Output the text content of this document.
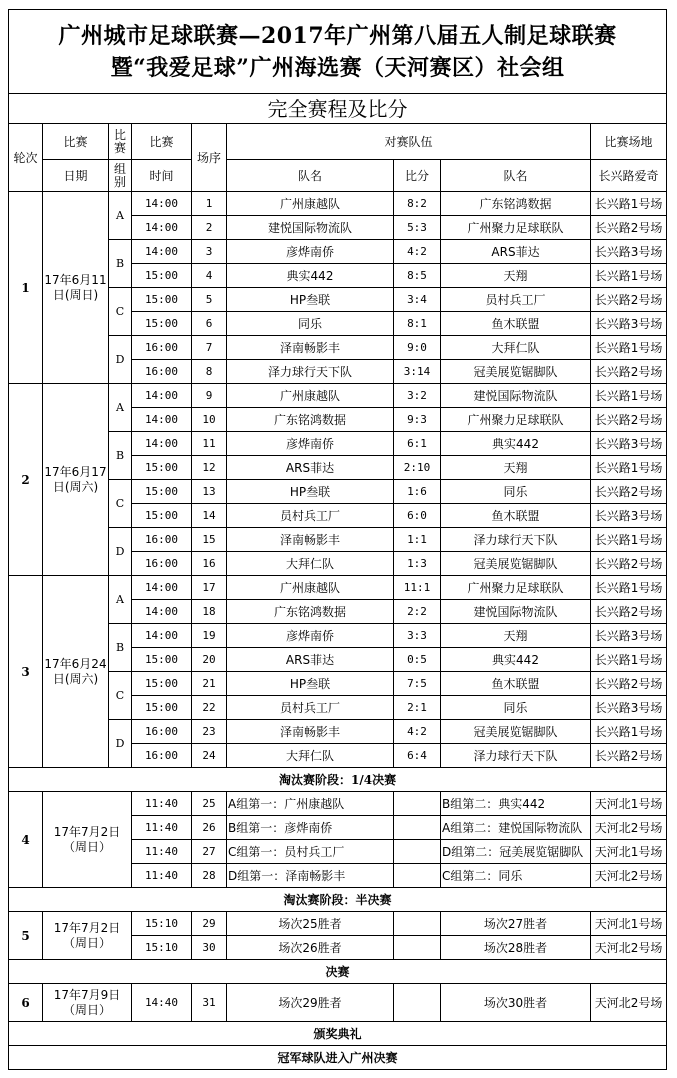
广州城市足球联赛—2017年广州第八届五人制足球联赛
暨“我爱足球”广州海选赛（天河赛区）社会组								

完全赛程及比分								
轮次	比赛	比赛	比赛	场序	对赛队伍			比赛场地
	日期	组别	时间		队名	比分	队名	长兴路爱奇
1	17年6月11日(周日)	A	14:00	1	广州康越队	8:2	广东铭鸿数据	长兴路1号场
			14:00	2	建悦国际物流队	5:3	广州聚力足球联队	长兴路2号场
		B	14:00	3	彦烨南侨	4:2	ARS菲达	长兴路3号场
			15:00	4	典实442	8:5	天翔	长兴路1号场
		C	15:00	5	HP叁联	3:4	员村兵工厂	长兴路2号场
			15:00	6	同乐	8:1	鱼木联盟	长兴路3号场
		D	16:00	7	泽南畅影丰	9:0	大拜仁队	长兴路1号场
			16:00	8	泽力球行天下队	3:14	冠美展览锯脚队	长兴路2号场
2	17年6月17日(周六)	A	14:00	9	广州康越队	3:2	建悦国际物流队	长兴路1号场
			14:00	10	广东铭鸿数据	9:3	广州聚力足球联队	长兴路2号场
		B	14:00	11	彦烨南侨	6:1	典实442	长兴路3号场
			15:00	12	ARS菲达	2:10	天翔	长兴路1号场
		C	15:00	13	HP叁联	1:6	同乐	长兴路2号场
			15:00	14	员村兵工厂	6:0	鱼木联盟	长兴路3号场
		D	16:00	15	泽南畅影丰	1:1	泽力球行天下队	长兴路1号场
			16:00	16	大拜仁队	1:3	冠美展览锯脚队	长兴路2号场
3	17年6月24日(周六)	A	14:00	17	广州康越队	11:1	广州聚力足球联队	长兴路1号场
			14:00	18	广东铭鸿数据	2:2	建悦国际物流队	长兴路2号场
		B	14:00	19	彦烨南侨	3:3	天翔	长兴路3号场
			15:00	20	ARS菲达	0:5	典实442	长兴路1号场
		C	15:00	21	HP叁联	7:5	鱼木联盟	长兴路2号场
			15:00	22	员村兵工厂	2:1	同乐	长兴路3号场
		D	16:00	23	泽南畅影丰	4:2	冠美展览锯脚队	长兴路1号场
			16:00	24	大拜仁队	6:4	泽力球行天下队	长兴路2号场
淘汰赛阶段：1/4决赛								
4	17年7月2日（周日）		11:40	25	A组第一：广州康越队		B组第二：典实442	天河北1号场
			11:40	26	B组第一：彦烨南侨		A组第二：建悦国际物流队	天河北2号场
			11:40	27	C组第一：员村兵工厂		D组第二：冠美展览锯脚队	天河北1号场
			11:40	28	D组第一：泽南畅影丰		C组第二：同乐	天河北2号场
淘汰赛阶段：半决赛								
5	17年7月2日（周日）		15:10	29	场次25胜者		场次27胜者	天河北1号场
			15:10	30	场次26胜者		场次28胜者	天河北2号场
决赛								
6	17年7月9日（周日）		14:40	31	场次29胜者		场次30胜者	天河北2号场
颁奖典礼								
冠军球队进入广州决赛								
